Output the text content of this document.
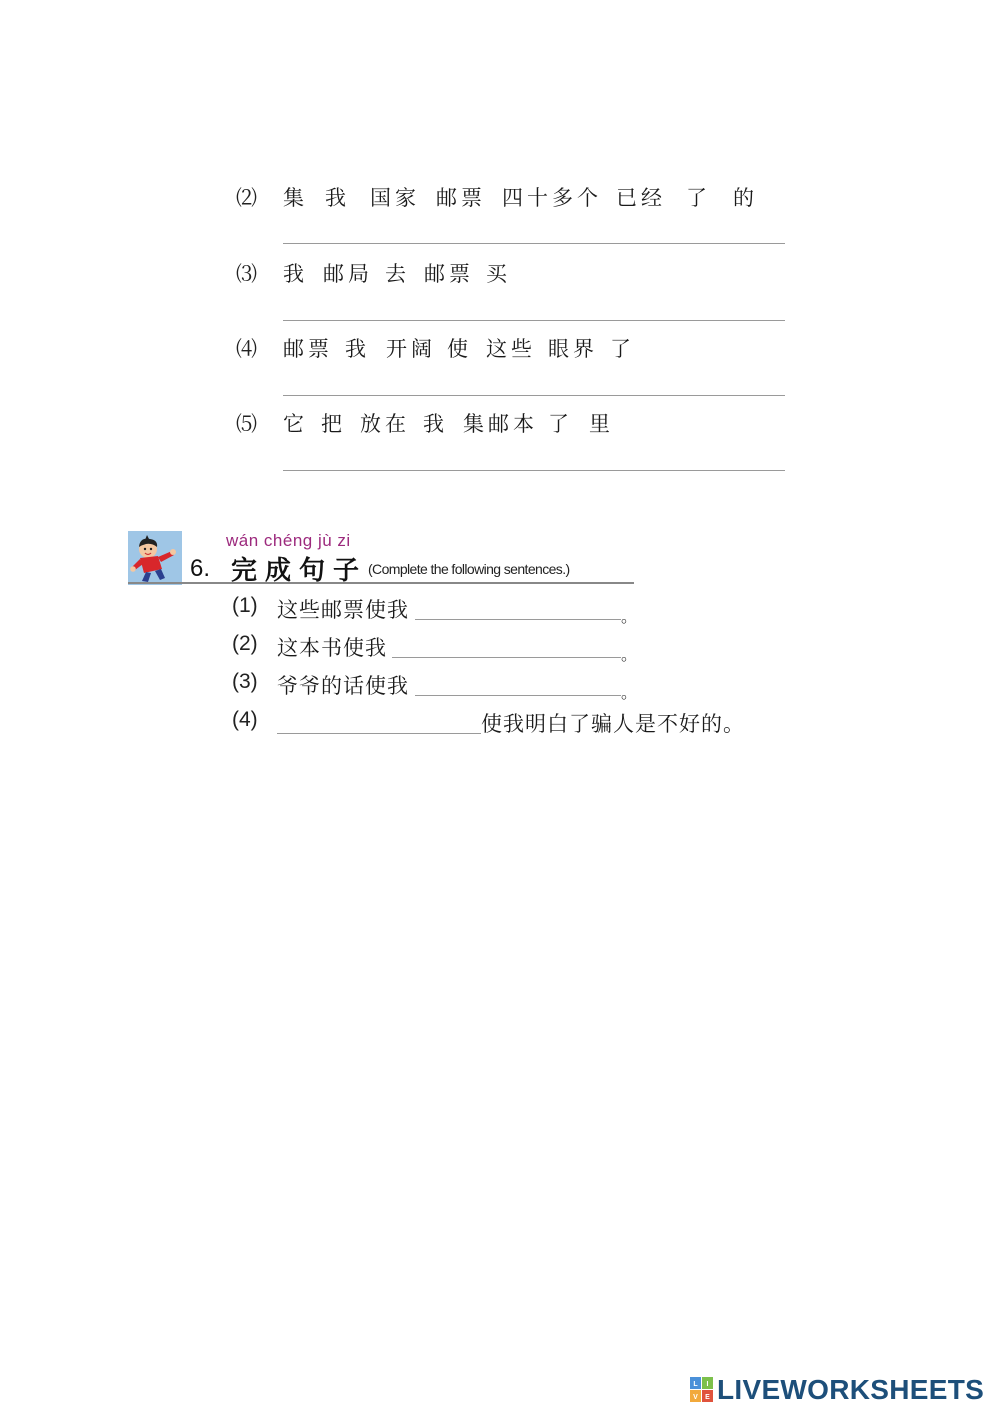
⑵ 集 我 国家 邮票 四十多个 已经 了 的
⑶ 我 邮局 去 邮票 买
⑷ 邮票 我 开阔 使 这些 眼界 了
⑸ 它 把 放在 我 集邮本 了 里
wán chéng jù zi
6. 完成句子 (Complete the following sentences.)
(1) 这些邮票使我	。
(2) 这本书使我	。
(3) 爷爷的话使我	。
(4)	使我明白了骗人是不好的。
L I
V E LIVEWORKSHEETS
